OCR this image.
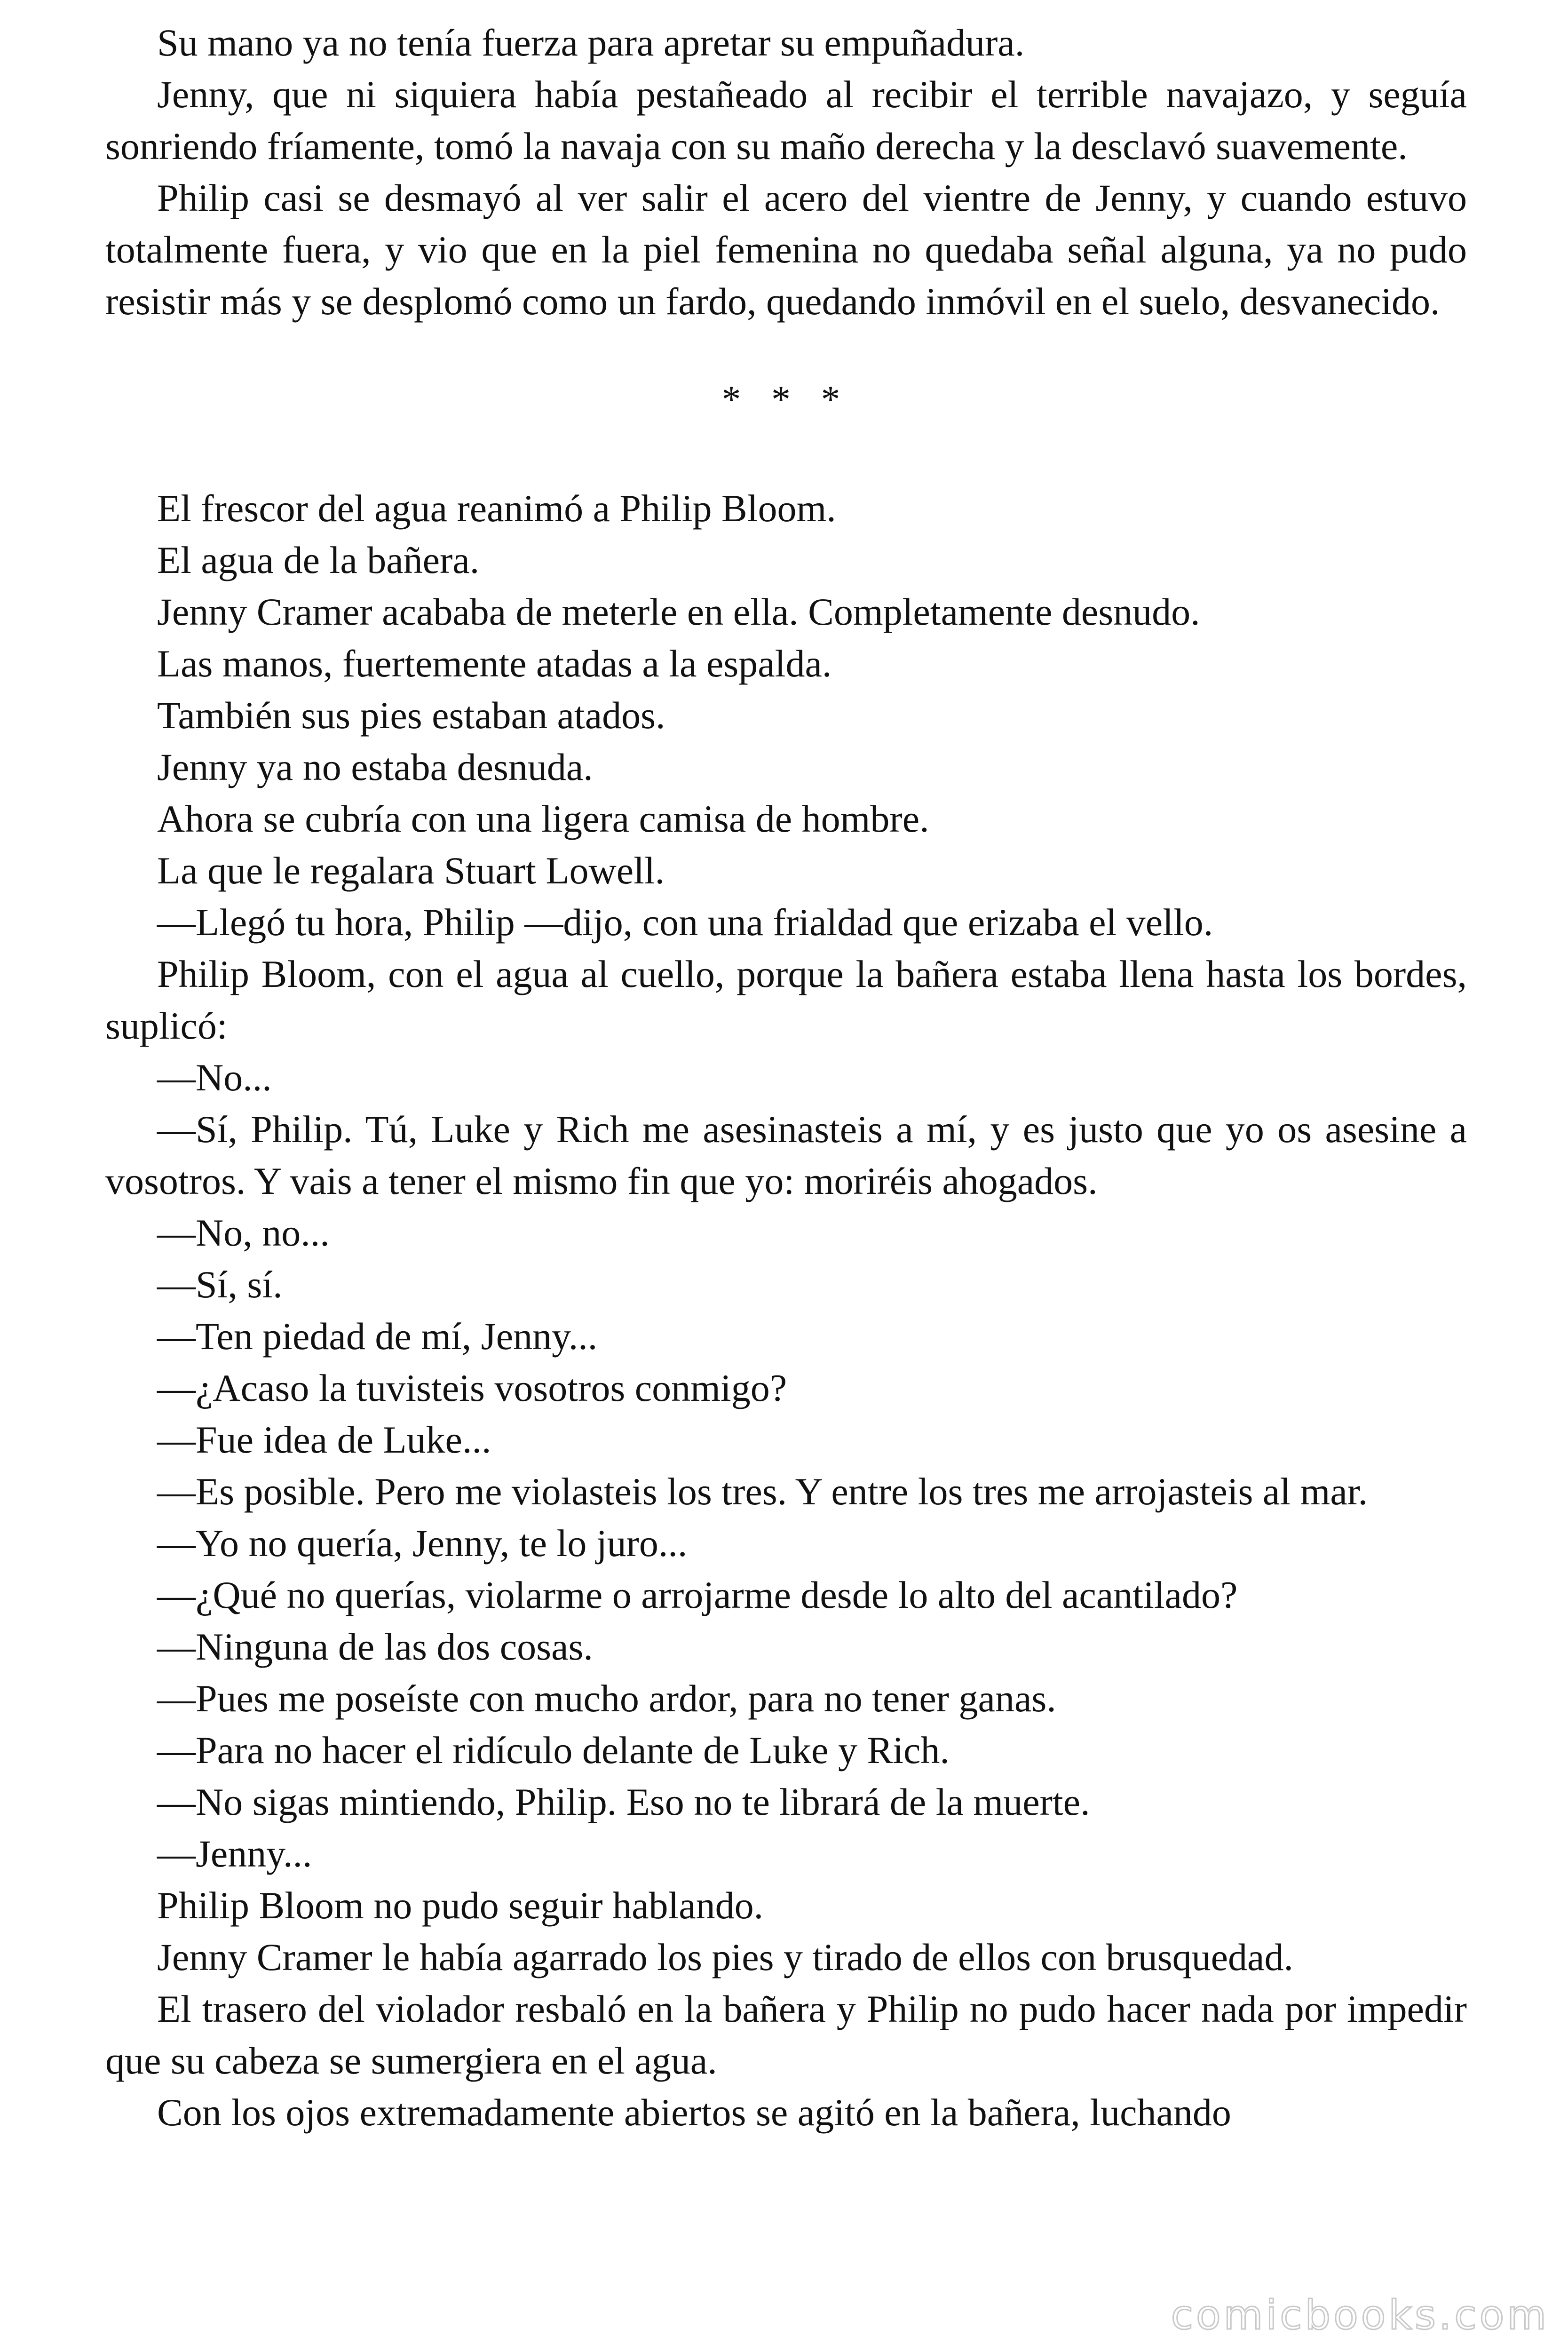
Su mano ya no tenía fuerza para apretar su empuñadura.

Jenny, que ni siquiera había pestañeado al recibir el terrible navajazo, y seguía sonriendo fríamente, tomó la navaja con su maño derecha y la desclavó suavemente.

Philip casi se desmayó al ver salir el acero del vientre de Jenny, y cuando estuvo totalmente fuera, y vio que en la piel femenina no quedaba señal alguna, ya no pudo resistir más y se desplomó como un fardo, quedando inmóvil en el suelo, desvanecido.

* * *

El frescor del agua reanimó a Philip Bloom.

El agua de la bañera.

Jenny Cramer acababa de meterle en ella. Completamente desnudo.

Las manos, fuertemente atadas a la espalda.

También sus pies estaban atados.

Jenny ya no estaba desnuda.

Ahora se cubría con una ligera camisa de hombre.

La que le regalara Stuart Lowell.

—Llegó tu hora, Philip —dijo, con una frialdad que erizaba el vello.

Philip Bloom, con el agua al cuello, porque la bañera estaba llena hasta los bordes, suplicó:

—No...

—Sí, Philip. Tú, Luke y Rich me asesinasteis a mí, y es justo que yo os asesine a vosotros. Y vais a tener el mismo fin que yo: moriréis ahogados.

—No, no...

—Sí, sí.

—Ten piedad de mí, Jenny...

—¿Acaso la tuvisteis vosotros conmigo?

—Fue idea de Luke...

—Es posible. Pero me violasteis los tres. Y entre los tres me arrojasteis al mar.

—Yo no quería, Jenny, te lo juro...

—¿Qué no querías, violarme o arrojarme desde lo alto del acantilado?

—Ninguna de las dos cosas.

—Pues me poseíste con mucho ardor, para no tener ganas.

—Para no hacer el ridículo delante de Luke y Rich.

—No sigas mintiendo, Philip. Eso no te librará de la muerte.

—Jenny...

Philip Bloom no pudo seguir hablando.

Jenny Cramer le había agarrado los pies y tirado de ellos con brusquedad.

El trasero del violador resbaló en la bañera y Philip no pudo hacer nada por impedir que su cabeza se sumergiera en el agua.

Con los ojos extremadamente abiertos se agitó en la bañera, luchando

comicbooks.com
